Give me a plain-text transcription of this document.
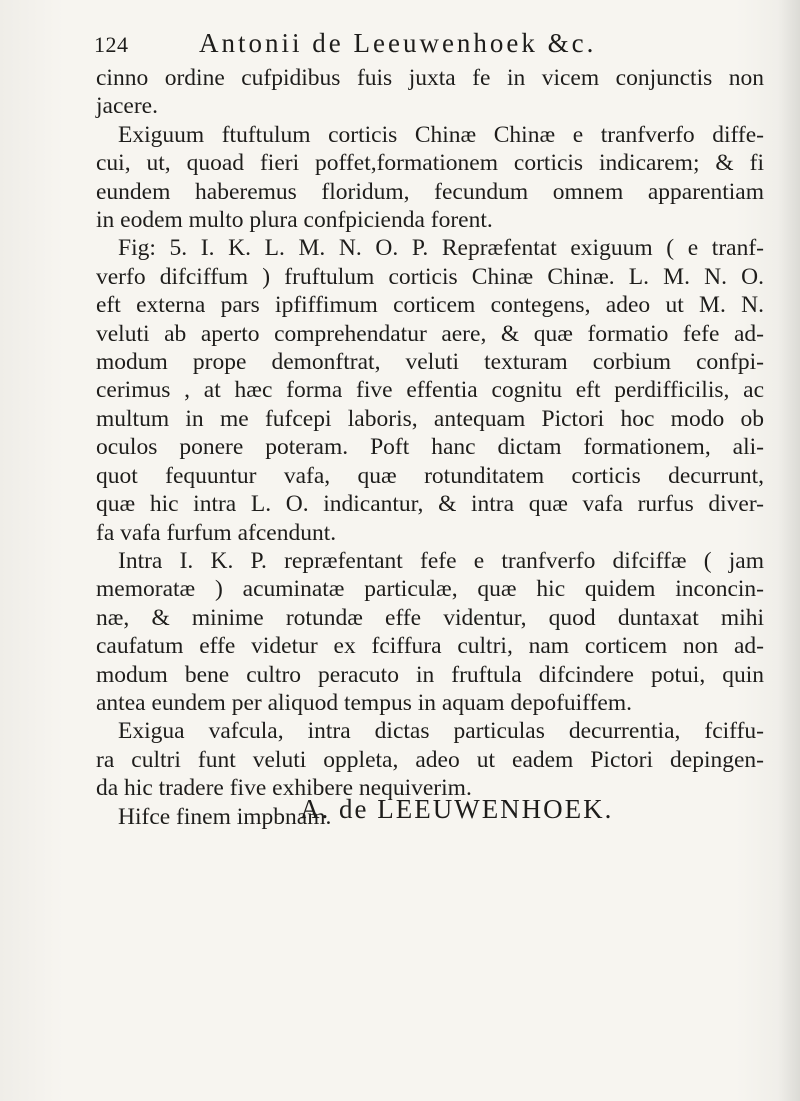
124	Antonii de Leeuwenhoek &c.
cinno ordine cufpidibus fuis juxta fe in vicem conjunctis non
jacere.
Exiguum ftuftulum corticis Chinæ Chinæ e tranfverfo diffe-
cui, ut, quoad fieri poffet,formationem corticis indicarem; & fi
eundem haberemus floridum, fecundum omnem apparentiam
in eodem multo plura confpicienda forent.
Fig: 5. I. K. L. M. N. O. P. Repræfentat exiguum ( e tranf-
verfo difciffum ) fruftulum corticis Chinæ Chinæ. L. M. N. O.
eft externa pars ipfiffimum corticem contegens, adeo ut M. N.
veluti ab aperto comprehendatur aere, & quæ formatio fefe ad-
modum prope demonftrat, veluti texturam corbium confpi-
cerimus , at hæc forma five effentia cognitu eft perdifficilis, ac
multum in me fufcepi laboris, antequam Pictori hoc modo ob
oculos ponere poteram. Poft hanc dictam formationem, ali-
quot fequuntur vafa, quæ rotunditatem corticis decurrunt,
quæ hic intra L. O. indicantur, & intra quæ vafa rurfus diver-
fa vafa furfum afcendunt.
Intra I. K. P. repræfentant fefe e tranfverfo difciffæ ( jam
memoratæ ) acuminatæ particulæ, quæ hic quidem inconcin-
næ, & minime rotundæ effe videntur, quod duntaxat mihi
caufatum effe videtur ex fciffura cultri, nam corticem non ad-
modum bene cultro peracuto in fruftula difcindere potui, quin
antea eundem per aliquod tempus in aquam depofuiffem.
Exigua vafcula, intra dictas particulas decurrentia, fciffu-
ra cultri funt veluti oppleta, adeo ut eadem Pictori depingen-
da hic tradere five exhibere nequiverim.
Hifce finem impbnam.
A. de LEEUWENHOEK.
